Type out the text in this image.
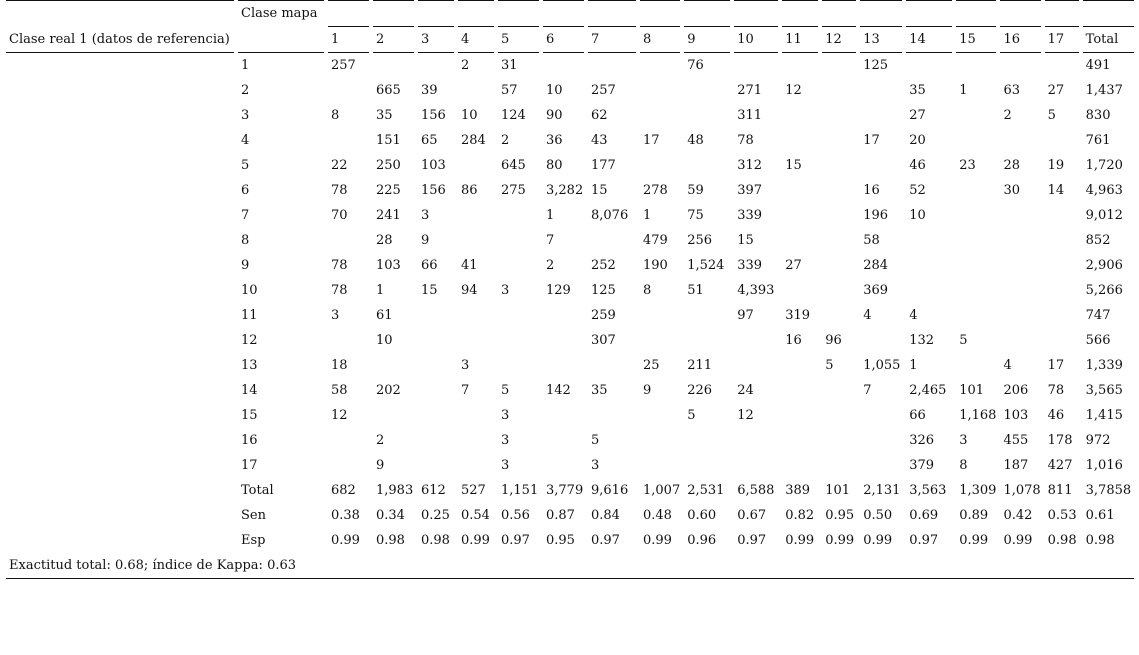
		Clase mapa																																				
Clase real 1 (datos de referencia)				1		2		3		4		5		6		7		8		9		10		11		12		13		14		15		16		17		Total
		1		257						2		31								76								125										491
		2				665		39				57		10		257						271		12						35		1		63		27		1,437
		3		8		35		156		10		124		90		62						311								27				2		5		830
		4				151		65		284		2		36		43		17		48		78						17		20								761
		5		22		250		103				645		80		177						312		15						46		23		28		19		1,720
		6		78		225		156		86		275		3,282		15		278		59		397						16		52				30		14		4,963
		7		70		241		3						1		8,076		1		75		339						196		10								9,012
		8				28		9						7				479		256		15						58										852
		9		78		103		66		41				2		252		190		1,524		339		27				284										2,906
		10		78		1		15		94		3		129		125		8		51		4,393						369										5,266
		11		3		61										259						97		319				4		4								747
		12				10										307								16		96				132		5						566
		13		18						3								25		211						5		1,055		1				4		17		1,339
		14		58		202				7		5		142		35		9		226		24						7		2,465		101		206		78		3,565
		15		12								3								5		12								66		1,168		103		46		1,415
		16				2						3				5														326		3		455		178		972
		17				9						3				3														379		8		187		427		1,016
		Total		682		1,983		612		527		1,151		3,779		9,616		1,007		2,531		6,588		389		101		2,131		3,563		1,309		1,078		811		3,7858
		Sen		0.38		0.34		0.25		0.54		0.56		0.87		0.84		0.48		0.60		0.67		0.82		0.95		0.50		0.69		0.89		0.42		0.53		0.61
		Esp		0.99		0.98		0.98		0.99		0.97		0.95		0.97		0.99		0.96		0.97		0.99		0.99		0.99		0.97		0.99		0.99		0.98		0.98
Exactitud total: 0.68; índice de Kappa: 0.63																																						
